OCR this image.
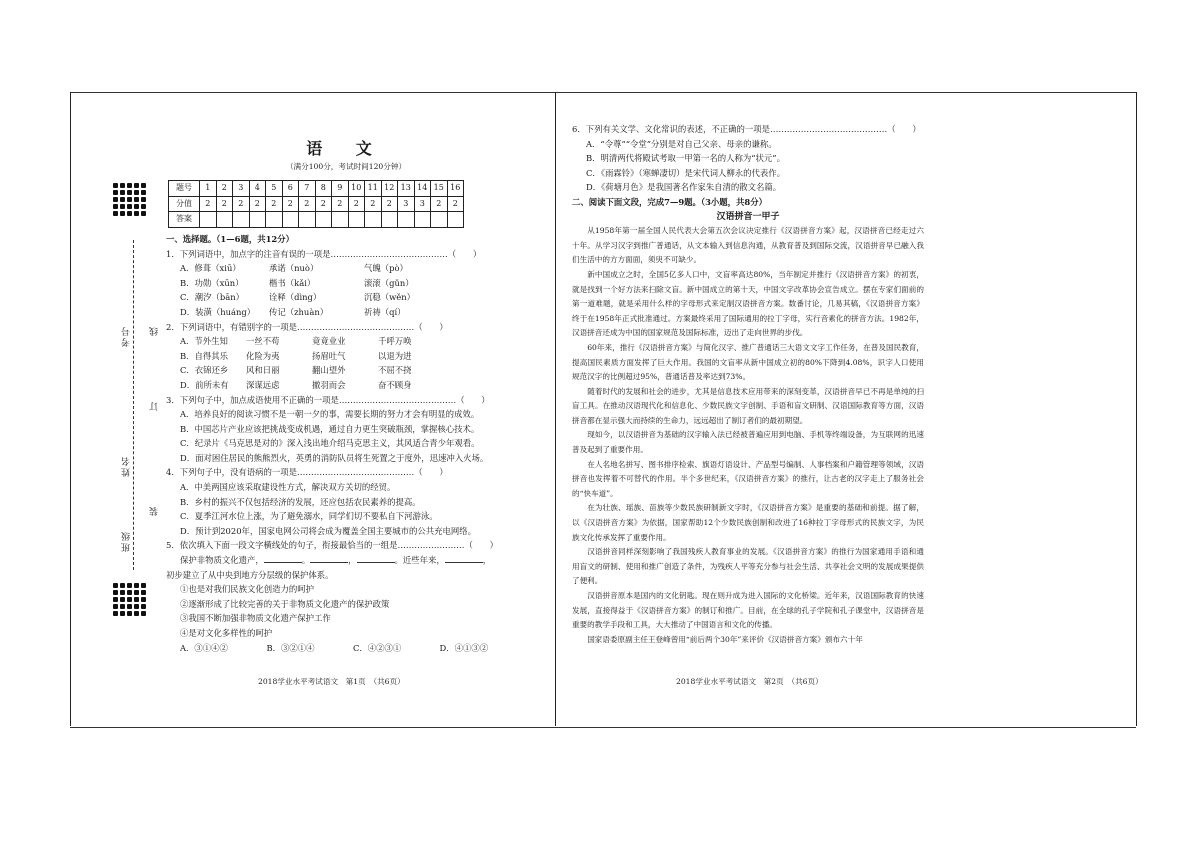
考号
姓名
班级
线
订
装
语 文
（满分100分，考试时间120分钟）
题号	1	2	3	4	5	6	7	8	9	10	11	12	13	14	15	16
分值	2	2	2	2	2	2	2	2	2	2	2	2	3	3	2	2
答案																
一、选择题。（1—6题，共12分）
1．下列词语中，加点字的注音有误的一项是……………………………………（　　）
A．修葺（xiū）	承诺（nuò）	气魄（pò）
B．功勋（xūn）	楷书（kǎi）	滚滚（gǔn）
C．潮汐（bān）	诠释（dìng）	沉稳（wěn）
D．装潢（huáng）	传记（zhuàn）	祈祷（qí）
2．下列词语中，有错别字的一项是……………………………………（　　）
A．节外生知	一丝不苟	竟竟业业	千呼万唤
B．自得其乐	化险为夷	扬眉吐气	以退为进
C．衣锦还乡	风和日丽	翻山望外	不屈不挠
D．前所未有	深谋远虑	撤羽而会	奋不顾身
3．下列句子中，加点成语使用不正确的一项是……………………………………（　　）
A．培养良好的阅读习惯不是一朝一夕的事，需要长期的努力才会有明显的成效。
B．中国芯片产业应该把挑战变成机遇，通过自力更生突破瓶颈，掌握核心技术。
C．纪录片《马克思是对的》深入浅出地介绍马克思主义，其风适合青少年观看。
D．面对困住居民的熊熊烈火，英勇的消防队员将生死置之于度外，迅速冲入火场。
4．下列句子中，没有语病的一项是……………………………………（　　）
A．中美两国应该采取建设性方式，解决双方关切的经贸。
B．乡村的振兴不仅包括经济的发展，还应包括农民素养的提高。
C．夏季江河水位上涨，为了避免溺水，同学们切不要私自下河游泳。
D．预计到2020年，国家电网公司将会成为覆盖全国主要城市的公共充电网络。
5．依次填入下面一段文字横线处的句子，衔接最恰当的一组是……………………（　　）
保护非物质文化遗产，	。	，	。近些年来，	，
初步建立了从中央到地方分层级的保护体系。
①也是对我们民族文化创造力的呵护
②逐渐形成了比较完善的关于非物质文化遗产的保护政策
③我国不断加强非物质文化遗产保护工作
④是对文化多样性的呵护
A．③①④②	B．③②①④	C．④②③①	D．④①③②
2018学业水平考试语文　第1页　（共6页）
6．下列有关文学、文化常识的表述，不正确的一项是……………………………………（　　）
A．“令尊”“令堂”分别是对自己父亲、母亲的谦称。
B．明清两代将殿试考取一甲第一名的人称为“状元”。
C．《雨霖铃》（寒蝉凄切）是宋代词人柳永的代表作。
D．《荷塘月色》是我国著名作家朱自清的散文名篇。
二、阅读下面文段，完成7—9题。（3小题，共8分）
汉语拼音一甲子
从1958年第一届全国人民代表大会第五次会议决定推行《汉语拼音方案》起，汉语拼音已经走过六十年。从学习汉字到推广普通话，从文本输入到信息沟通，从教育普及到国际交流，汉语拼音早已融入我们生活中的方方面面，须臾不可缺少。
新中国成立之时，全国5亿多人口中，文盲率高达80%，当年制定并推行《汉语拼音方案》的初衷，就是找到一个好方法来扫除文盲。新中国成立的第十天，中国文字改革协会宣告成立。摆在专家们面前的第一道难题，就是采用什么样的字母形式来定制汉语拼音方案。数番讨论，几易其稿，《汉语拼音方案》终于在1958年正式批准通过。方案最终采用了国际通用的拉丁字母，实行音素化的拼音方法。1982年，汉语拼音还成为中国的国家规范及国际标准，迈出了走向世界的步伐。
60年来，推行《汉语拼音方案》与简化汉字、推广普通话三大语文文字工作任务，在普及国民教育，提高国民素质方面发挥了巨大作用。我国的文盲率从新中国成立初的80%下降到4.08%，识字人口使用规范汉字的比例超过95%，普通话普及率达到73%。
随着时代的发展和社会的进步，尤其是信息技术应用带来的深刻变革，汉语拼音早已不再是单纯的扫盲工具。在推动汉语现代化和信息化、少数民族文字创制、手语和盲文研制、汉语国际教育等方面，汉语拼音都在显示强大而持续的生命力，远远超出了制订者们的最初期望。
现如今，以汉语拼音为基础的汉字输入法已经被普遍应用到电脑、手机等终端设备，为互联网的迅速普及起到了重要作用。
在人名地名拼写、图书排序检索、旗语灯语设计、产品型号编制、人事档案和户籍管理等领域，汉语拼音也发挥着不可替代的作用。半个多世纪来，《汉语拼音方案》的推行，让古老的汉字走上了服务社会的“快车道”。
在为壮族、瑶族、苗族等少数民族研制新文字时，《汉语拼音方案》是重要的基础和前提。据了解，以《汉语拼音方案》为依据，国家帮助12个少数民族创制和改进了16种拉丁字母形式的民族文字，为民族文化传承发挥了重要作用。
汉语拼音同样深刻影响了我国残疾人教育事业的发展。《汉语拼音方案》的推行为国家通用手语和通用盲文的研制、使用和推广创造了条件，为残疾人平等充分参与社会生活、共享社会文明的发展成果提供了便利。
汉语拼音原本是国内的文化钥匙。现在则升成为进入国际的文化桥梁。近年来，汉语国际教育的快速发展，直接得益于《汉语拼音方案》的制订和推广。目前，在全球的孔子学院和孔子课堂中，汉语拼音是重要的教学手段和工具，大大推动了中国语言和文化的传播。
国家语委原副主任王登峰曾用“前后两个30年”来评价《汉语拼音方案》颁布六十年
2018学业水平考试语文　第2页　（共6页）
